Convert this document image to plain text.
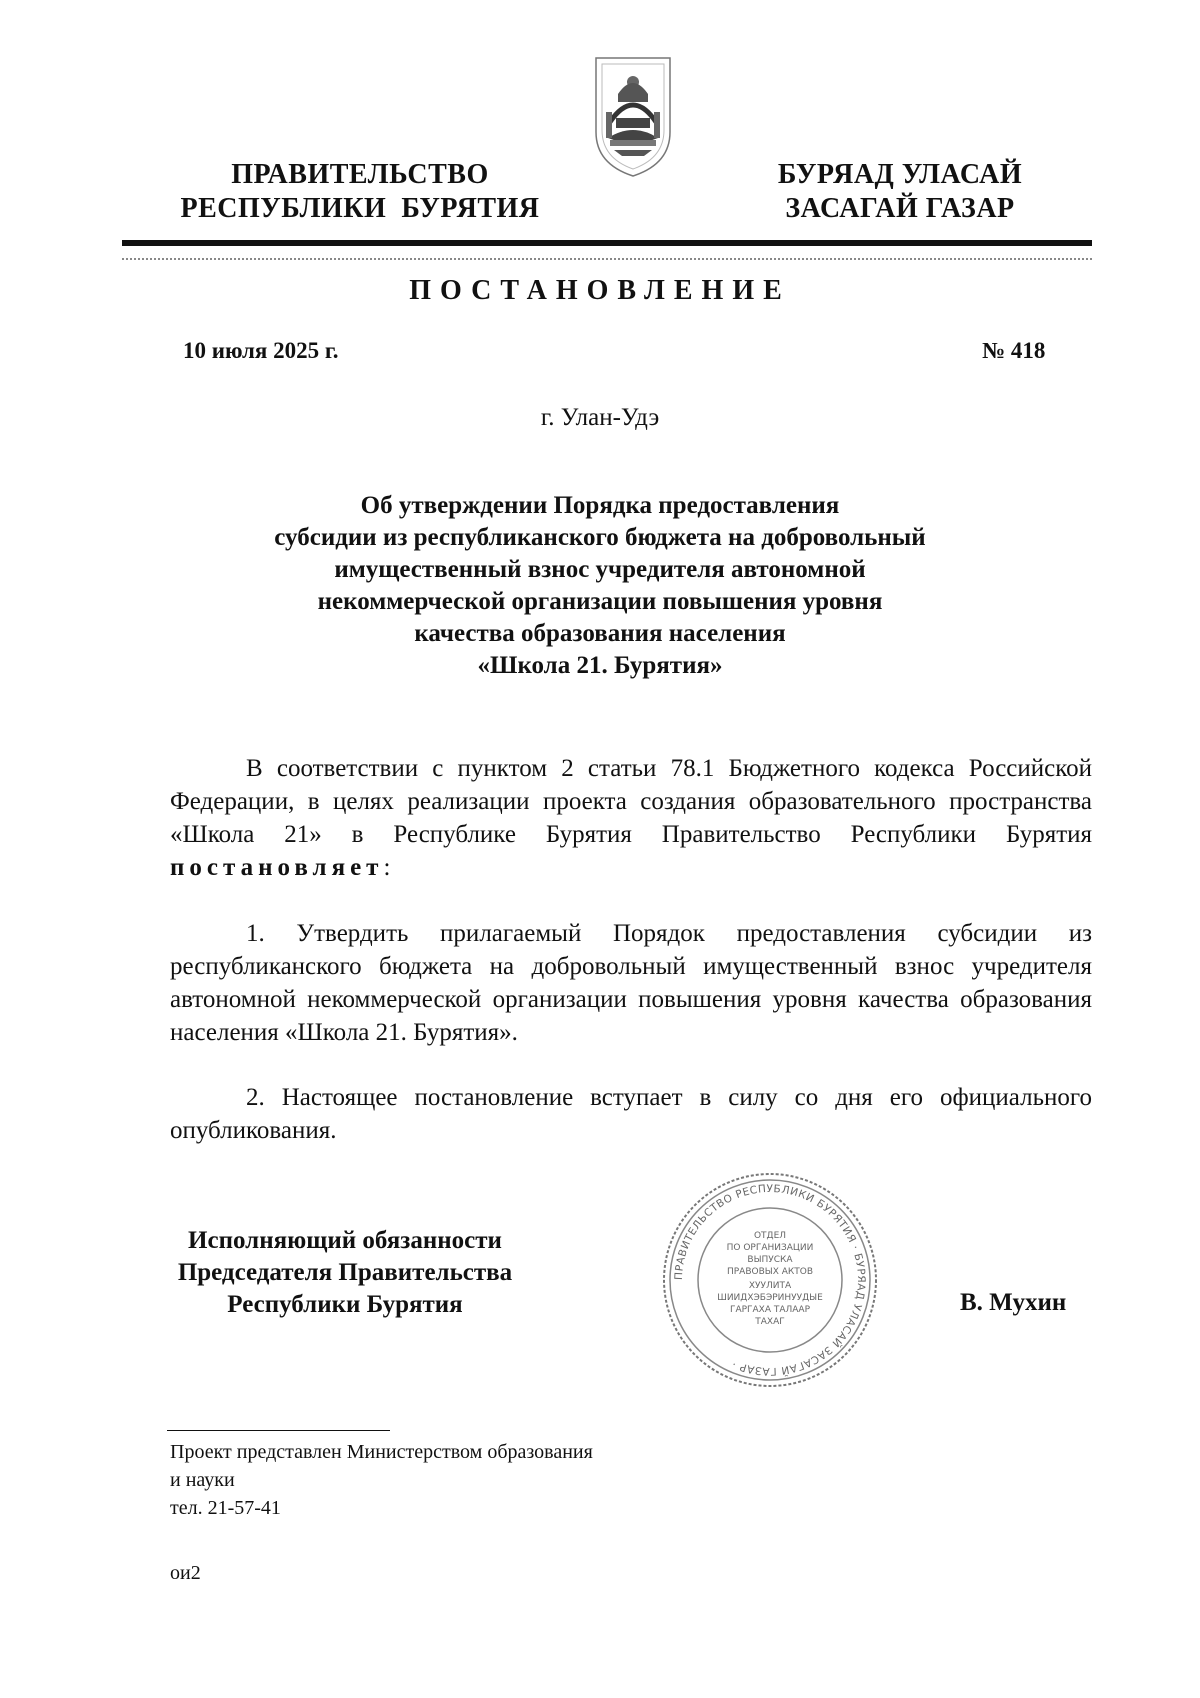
ПРАВИТЕЛЬСТВО
РЕСПУБЛИКИ  БУРЯТИЯ
БУРЯАД УЛАСАЙ
ЗАСАГАЙ ГАЗАР
ПОСТАНОВЛЕНИЕ
10 июля 2025 г.	№ 418
г. Улан-Удэ
Об утверждении Порядка предоставления
субсидии из республиканского бюджета на добровольный
имущественный взнос учредителя автономной
некоммерческой организации повышения уровня
качества образования населения
«Школа 21. Бурятия»
В соответствии с пунктом 2 статьи 78.1 Бюджетного кодекса Российской Федерации, в целях реализации проекта создания образовательного пространства «Школа 21» в Республике Бурятия Правительство Республики Бурятия постановляет:
1. Утвердить прилагаемый Порядок предоставления субсидии из республиканского бюджета на добровольный имущественный взнос учредителя автономной некоммерческой организации повышения уровня качества образования населения «Школа 21. Бурятия».
2. Настоящее постановление вступает в силу со дня его официального опубликования.
ПРАВИТЕЛЬСТВО РЕСПУБЛИКИ БУРЯТИЯ · БУРЯАД УЛАСАЙ ЗАСАГАЙ ГАЗАР ·
ОТДЕЛ
ПО ОРГАНИЗАЦИИ
ВЫПУСКА
ПРАВОВЫХ АКТОВ
ХУУЛИТА
ШИИДХЭБЭРИНУУДЫЕ
ГАРГАХА ТАЛААР
ТАХАГ
Исполняющий обязанности
Председателя Правительства
Республики Бурятия	В. Мухин
Проект представлен Министерством образования
и науки
тел. 21-57-41
ои2
